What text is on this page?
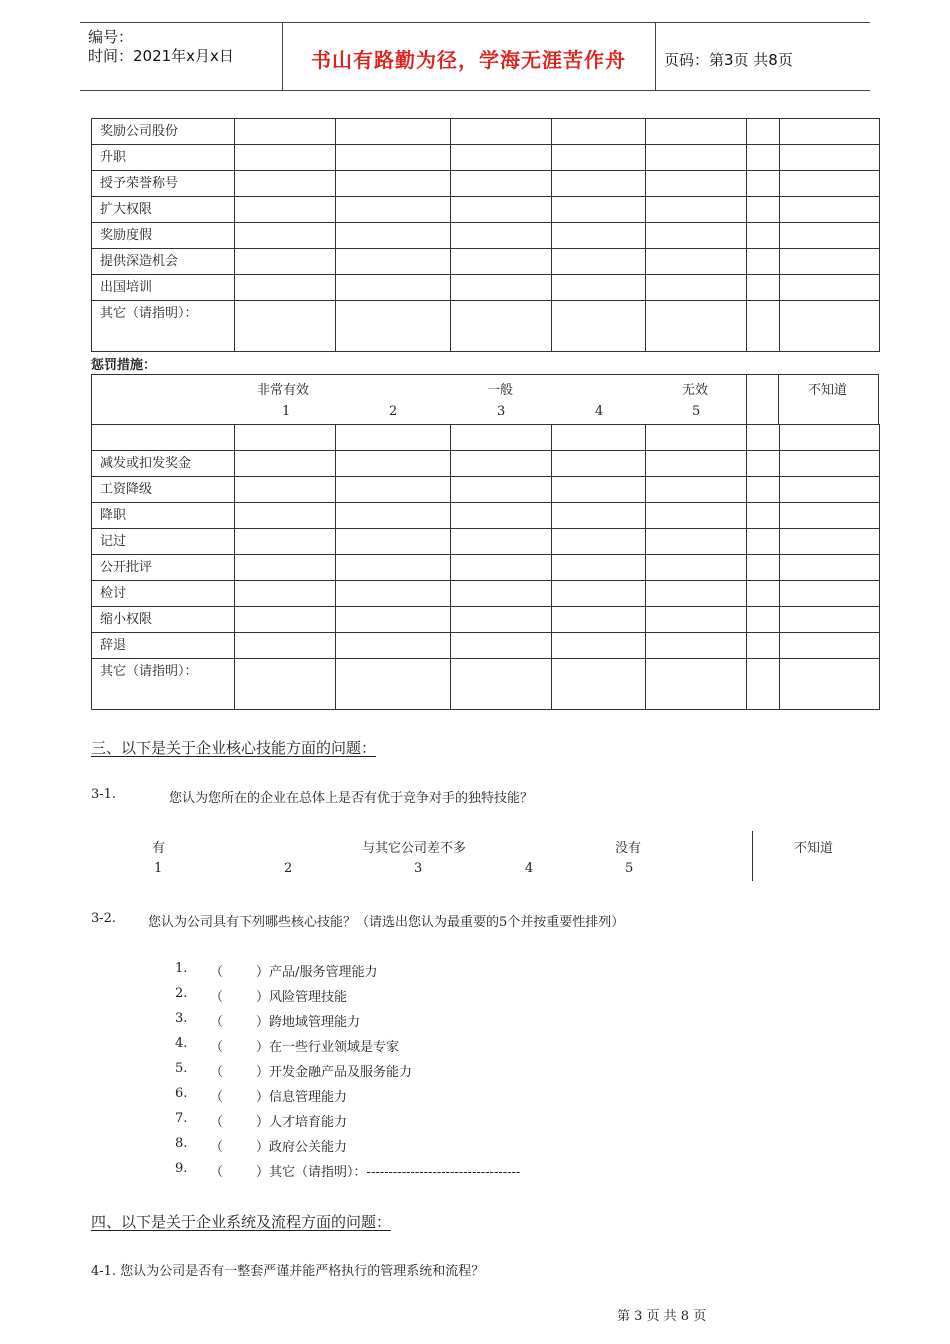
编号：
时间：2021年x月x日	书山有路勤为径，学海无涯苦作舟	页码：第3页 共8页
奖励公司股份							
升职							
授予荣誉称号							
扩大权限							
奖励度假							
提供深造机会							
出国培训							
其它（请指明）：							
惩罚措施：
非常有效	一般	无效	不知道
1	2	3	4	5

减发或扣发奖金							
工资降级							
降职							
记过							
公开批评							
检讨							
缩小权限							
辞退							
其它（请指明）：							
三、以下是关于企业核心技能方面的问题：
3-1.	您认为您所在的企业在总体上是否有优于竞争对手的独特技能？
有	与其它公司差不多	没有	不知道
1	2	3	4	5
3-2. 您认为公司具有下列哪些核心技能？（请选出您认为最重要的5个并按重要性排列）
1. （        ）产品/服务管理能力
2. （        ）风险管理技能
3. （        ）跨地域管理能力
4. （        ）在一些行业领域是专家
5. （        ）开发金融产品及服务能力
6. （        ）信息管理能力
7. （        ）人才培育能力
8. （        ）政府公关能力
9. （        ）其它（请指明）：-----------------------------------
四、以下是关于企业系统及流程方面的问题：
4-1. 您认为公司是否有一整套严谨并能严格执行的管理系统和流程？
第 3 页 共 8 页
